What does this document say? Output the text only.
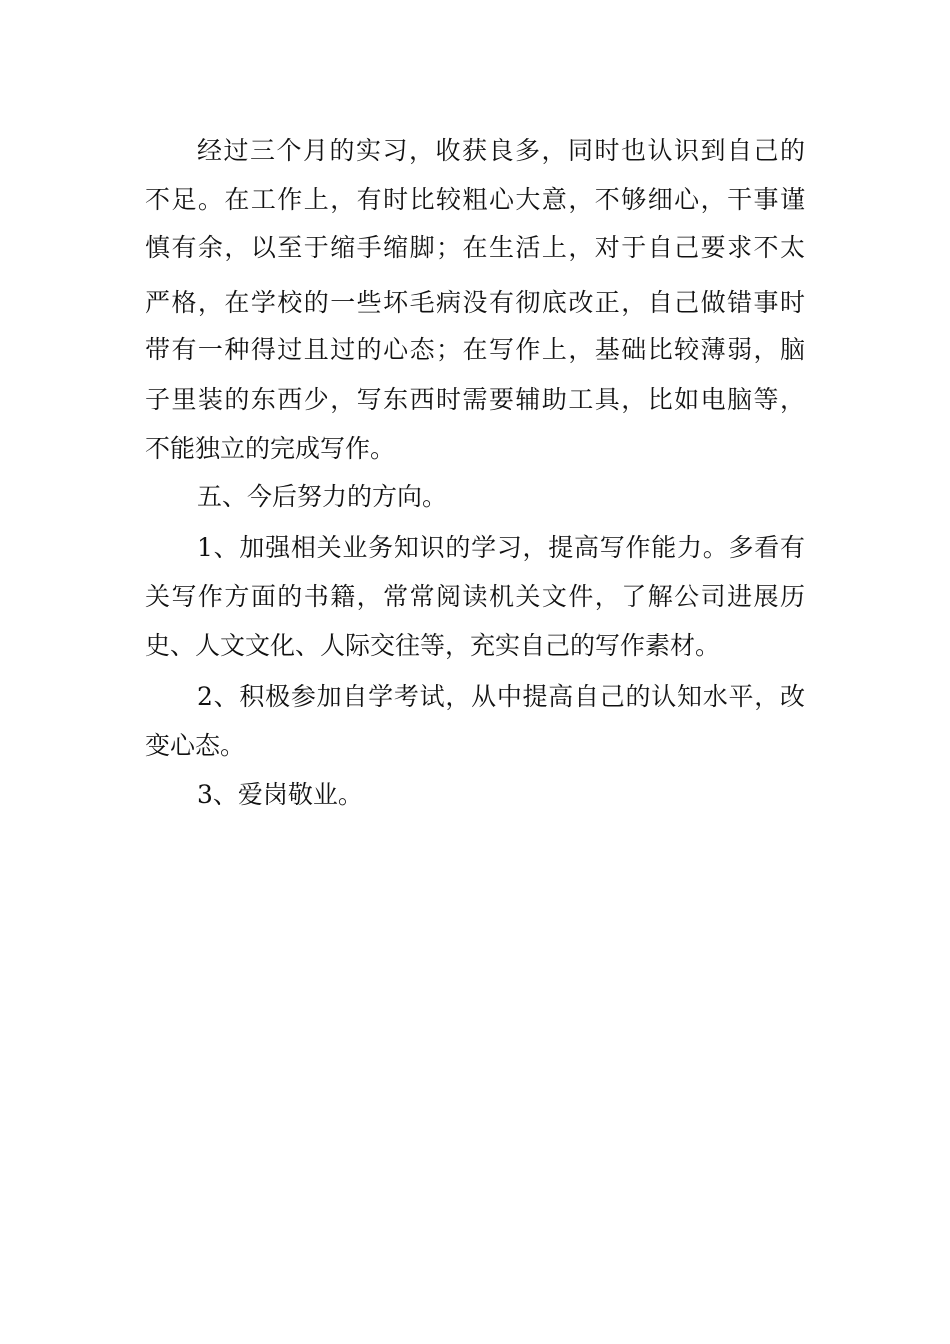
经过三个月的实习，收获良多，同时也认识到自己的
不足。在工作上，有时比较粗心大意，不够细心，干事谨
慎有余，以至于缩手缩脚；在生活上，对于自己要求不太
严格，在学校的一些坏毛病没有彻底改正，自己做错事时
带有一种得过且过的心态；在写作上，基础比较薄弱，脑
子里装的东西少，写东西时需要辅助工具，比如电脑等，
不能独立的完成写作。
五、今后努力的方向。
1、加强相关业务知识的学习，提高写作能力。多看有
关写作方面的书籍，常常阅读机关文件，了解公司进展历
史、人文文化、人际交往等，充实自己的写作素材。
2、积极参加自学考试，从中提高自己的认知水平，改
变心态。
3、爱岗敬业。
